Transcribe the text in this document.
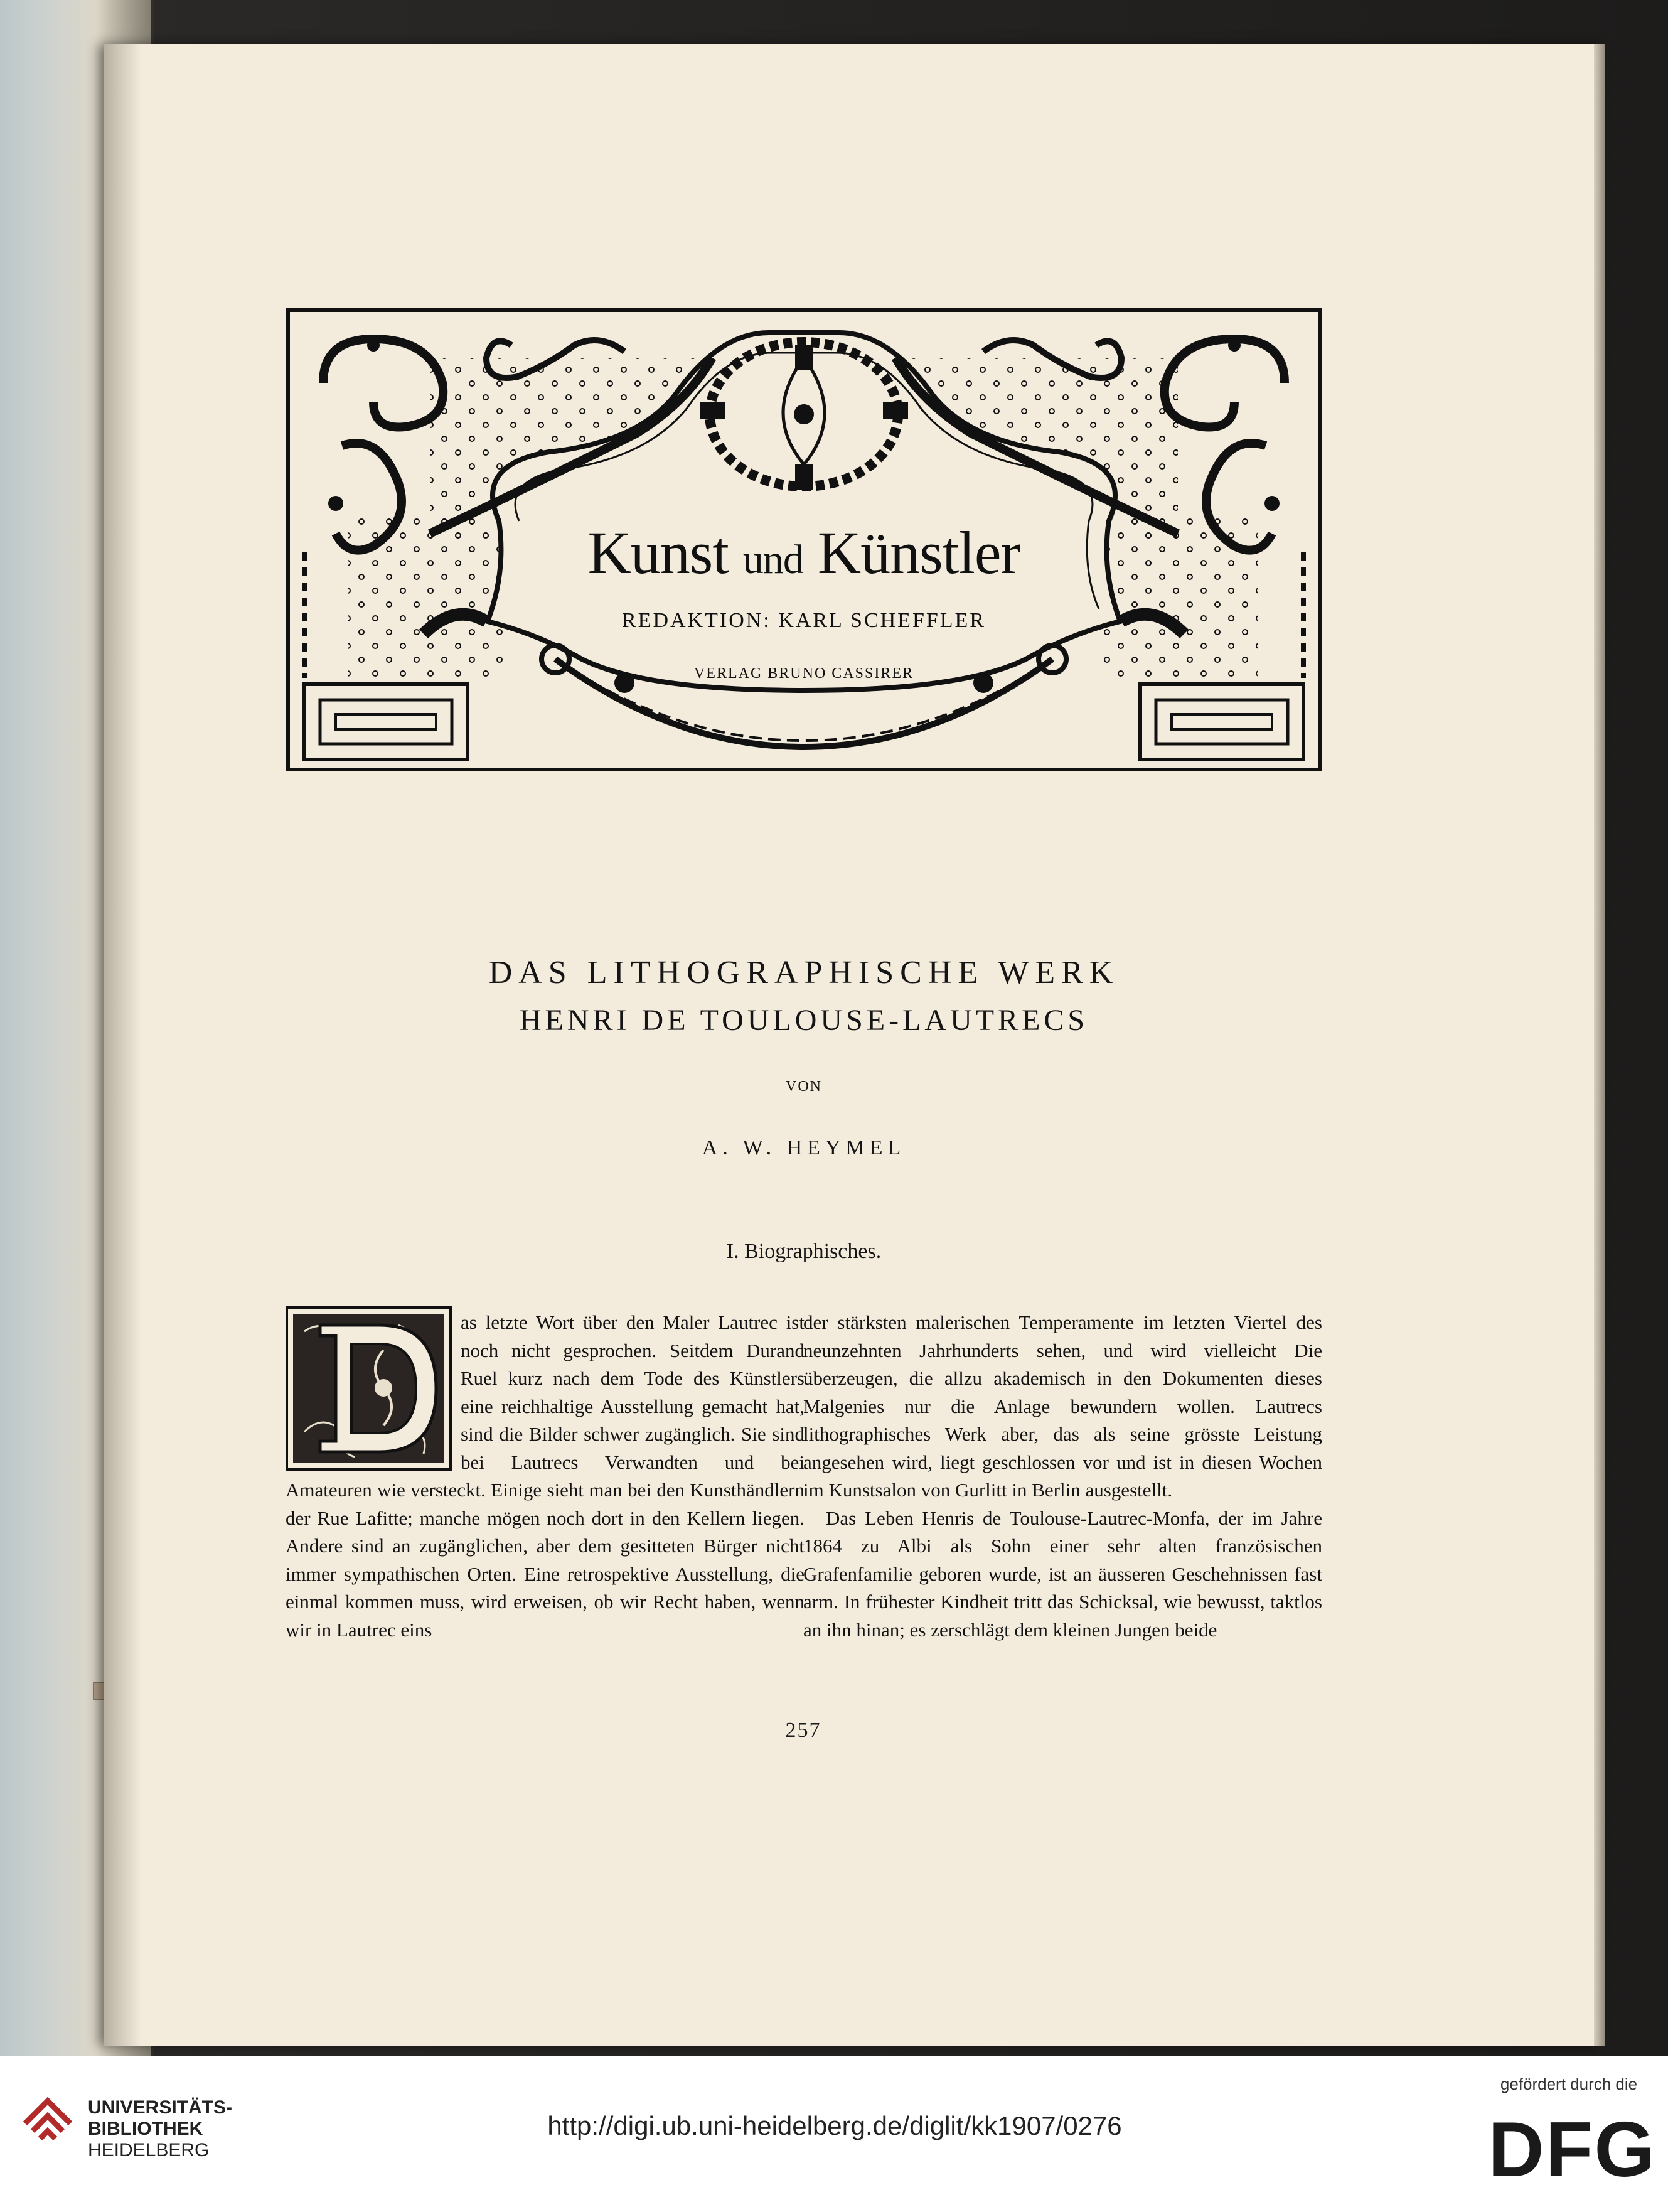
Kunst und Künstler
REDAKTION: KARL SCHEFFLER
VERLAG BRUNO CASSIRER
DAS LITHOGRAPHISCHE WERK
HENRI DE TOULOUSE-LAUTRECS
VON
A. W. HEYMEL
I. Biographisches.

as letzte Wort über den Maler Lautrec ist noch nicht gesprochen. Seitdem Durand Ruel kurz nach dem Tode des Künstlers eine reichhaltige Ausstellung gemacht hat, sind die Bilder schwer zugänglich. Sie sind bei Lautrecs Verwandten und bei Amateuren wie versteckt. Einige sieht man bei den Kunsthändlern der Rue Lafitte; manche mögen noch dort in den Kellern liegen. Andere sind an zugänglichen, aber dem gesitteten Bürger nicht immer sympathischen Orten. Eine retrospektive Ausstellung, die einmal kommen muss, wird erweisen, ob wir Recht haben, wenn wir in Lautrec eins

der stärksten malerischen Temperamente im letzten Viertel des neunzehnten Jahrhunderts sehen, und wird vielleicht Die überzeugen, die allzu akademisch in den Dokumenten dieses Malgenies nur die Anlage bewundern wollen. Lautrecs lithographisches Werk aber, das als seine grösste Leistung angesehen wird, liegt geschlossen vor und ist in diesen Wochen im Kunstsalon von Gurlitt in Berlin ausgestellt.

Das Leben Henris de Toulouse-Lautrec-Monfa, der im Jahre 1864 zu Albi als Sohn einer sehr alten französischen Grafenfamilie geboren wurde, ist an äusseren Geschehnissen fast arm. In frühester Kindheit tritt das Schicksal, wie bewusst, taktlos an ihn hinan; es zerschlägt dem kleinen Jungen beide

257
UNIVERSITÄTS-
BIBLIOTHEK
HEIDELBERG
http://digi.ub.uni-heidelberg.de/diglit/kk1907/0276
gefördert durch die
DFG
